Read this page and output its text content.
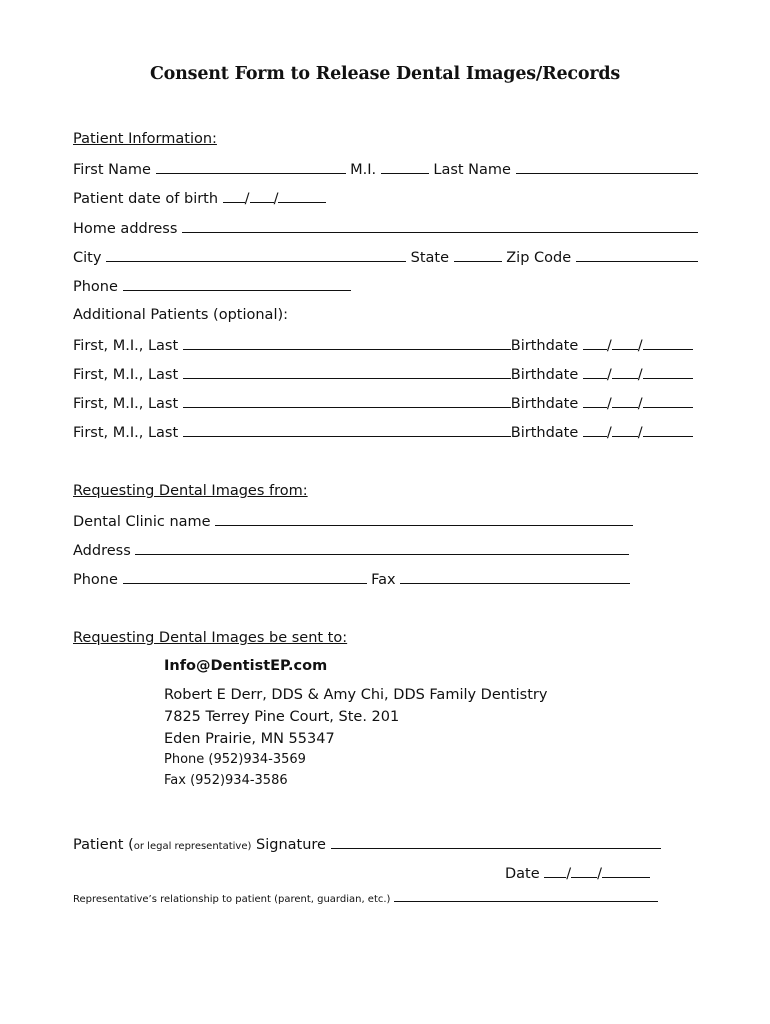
Consent Form to Release Dental Images/Records
Patient Information:
First Name	M.I.	Last Name
Patient date of birth / /
Home address
City	State	Zip Code
Phone
Additional Patients (optional):
First, M.I., Last	Birthdate / /
First, M.I., Last	Birthdate / /
First, M.I., Last	Birthdate / /
First, M.I., Last	Birthdate / /
Requesting Dental Images from:
Dental Clinic name
Address
Phone	Fax
Requesting Dental Images be sent to:
Info@DentistEP.com
Robert E Derr, DDS & Amy Chi, DDS Family Dentistry
7825 Terrey Pine Court, Ste. 201
Eden Prairie, MN 55347
Phone (952)934-3569
Fax (952)934-3586
Patient (or legal representative) Signature
Date / /
Representative’s relationship to patient (parent, guardian, etc.)
